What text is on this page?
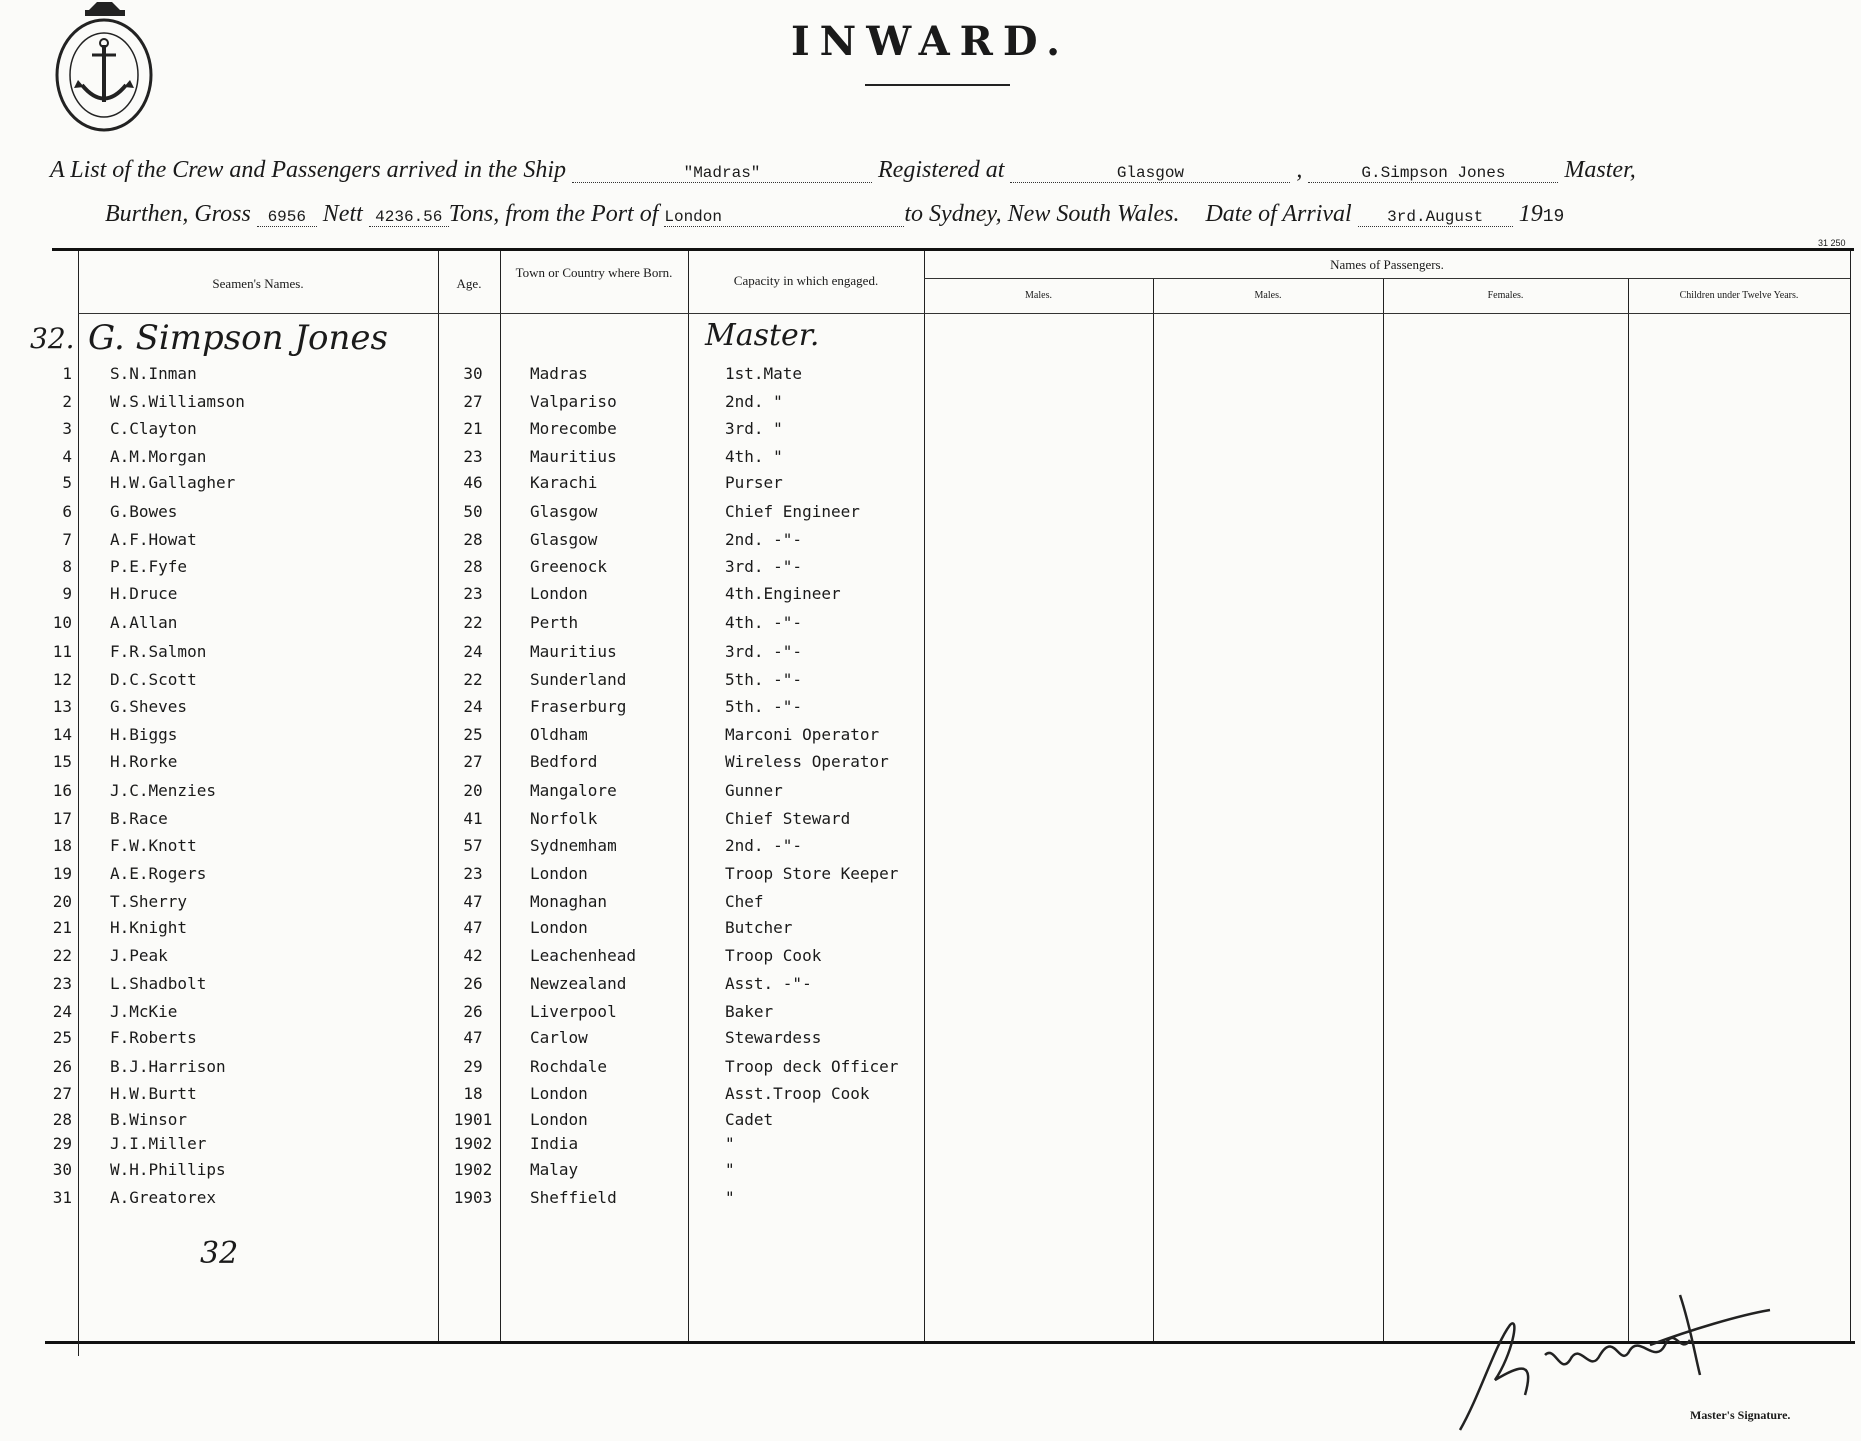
INWARD.
A List of the Crew and Passengers arrived in the Ship	"Madras"	Registered at	Glasgow	,	G.Simpson Jones Master,
Burthen, Gross 6956 Nett 4236.56 Tons, from the Port of London	to Sydney, New South Wales. Date of Arrival 3rd.August 1919
31 250
Seamen's Names.	Age.
Town or Country where Born.
Capacity in which engaged.
Names of Passengers.
Males.	Males.	Females.	Children under Twelve Years.
32. G. Simpson Jones	Master.
1 S.N.Inman	30	Madras	1st.Mate
2 W.S.Williamson	27	Valpariso	2nd. "
3 C.Clayton	21	Morecombe	3rd. "
4 A.M.Morgan	23	Mauritius	4th. "
5 H.W.Gallagher	46	Karachi	Purser
6 G.Bowes	50	Glasgow	Chief Engineer
7 A.F.Howat	28	Glasgow	2nd. -"-
8 P.E.Fyfe	28	Greenock	3rd. -"-
9 H.Druce	23	London	4th.Engineer
10 A.Allan	22	Perth	4th. -"-
11 F.R.Salmon	24	Mauritius	3rd. -"-
12 D.C.Scott	22	Sunderland	5th. -"-
13 G.Sheves	24	Fraserburg	5th. -"-
14 H.Biggs	25	Oldham	Marconi Operator
15 H.Rorke	27	Bedford	Wireless Operator
16 J.C.Menzies	20	Mangalore	Gunner
17 B.Race	41	Norfolk	Chief Steward
18 F.W.Knott	57	Sydnemham	2nd. -"-
19 A.E.Rogers	23	London	Troop Store Keeper
20 T.Sherry	47	Monaghan	Chef
21 H.Knight	47	London	Butcher
22 J.Peak	42	Leachenhead	Troop Cook
23 L.Shadbolt	26	Newzealand	Asst. -"-
24 J.McKie	26	Liverpool	Baker
25 F.Roberts	47	Carlow	Stewardess
26 B.J.Harrison	29	Rochdale	Troop deck Officer
27 H.W.Burtt	18	London	Asst.Troop Cook
28 B.Winsor	1901	London	Cadet
29 J.I.Miller	1902	India	"
30 W.H.Phillips	1902	Malay	"
31 A.Greatorex	1903	Sheffield	"
32
Master's Signature.
